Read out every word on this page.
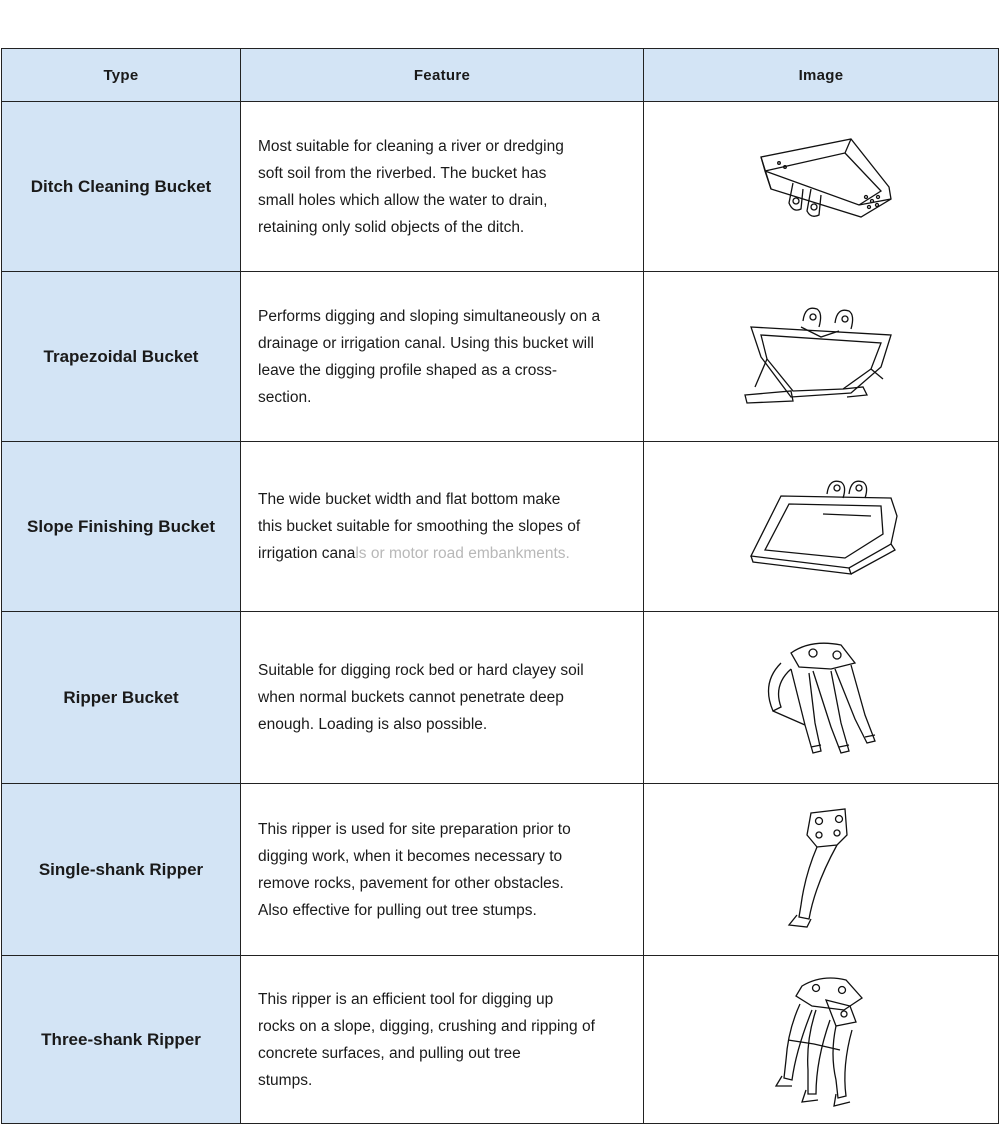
Type	Feature	Image
Ditch Cleaning Bucket	Most suitable for cleaning a river or dredging
soft soil from the riverbed. The bucket has
small holes which allow the water to drain,
retaining only solid objects of the ditch.

Trapezoidal Bucket	Performs digging and sloping simultaneously on a
drainage or irrigation canal. Using this bucket will
leave the digging profile shaped as a cross-
section.

Slope Finishing Bucket	The wide bucket width and flat bottom make
this bucket suitable for smoothing the slopes of
irrigation canals or motor road embankments.

Ripper Bucket	Suitable for digging rock bed or hard clayey soil
when normal buckets cannot penetrate deep
enough. Loading is also possible.

Single-shank Ripper	This ripper is used for site preparation prior to
digging work, when it becomes necessary to
remove rocks, pavement for other obstacles.
Also effective for pulling out tree stumps.

Three-shank Ripper	This ripper is an efficient tool for digging up
rocks on a slope, digging, crushing and ripping of
concrete surfaces, and pulling out tree
stumps.
